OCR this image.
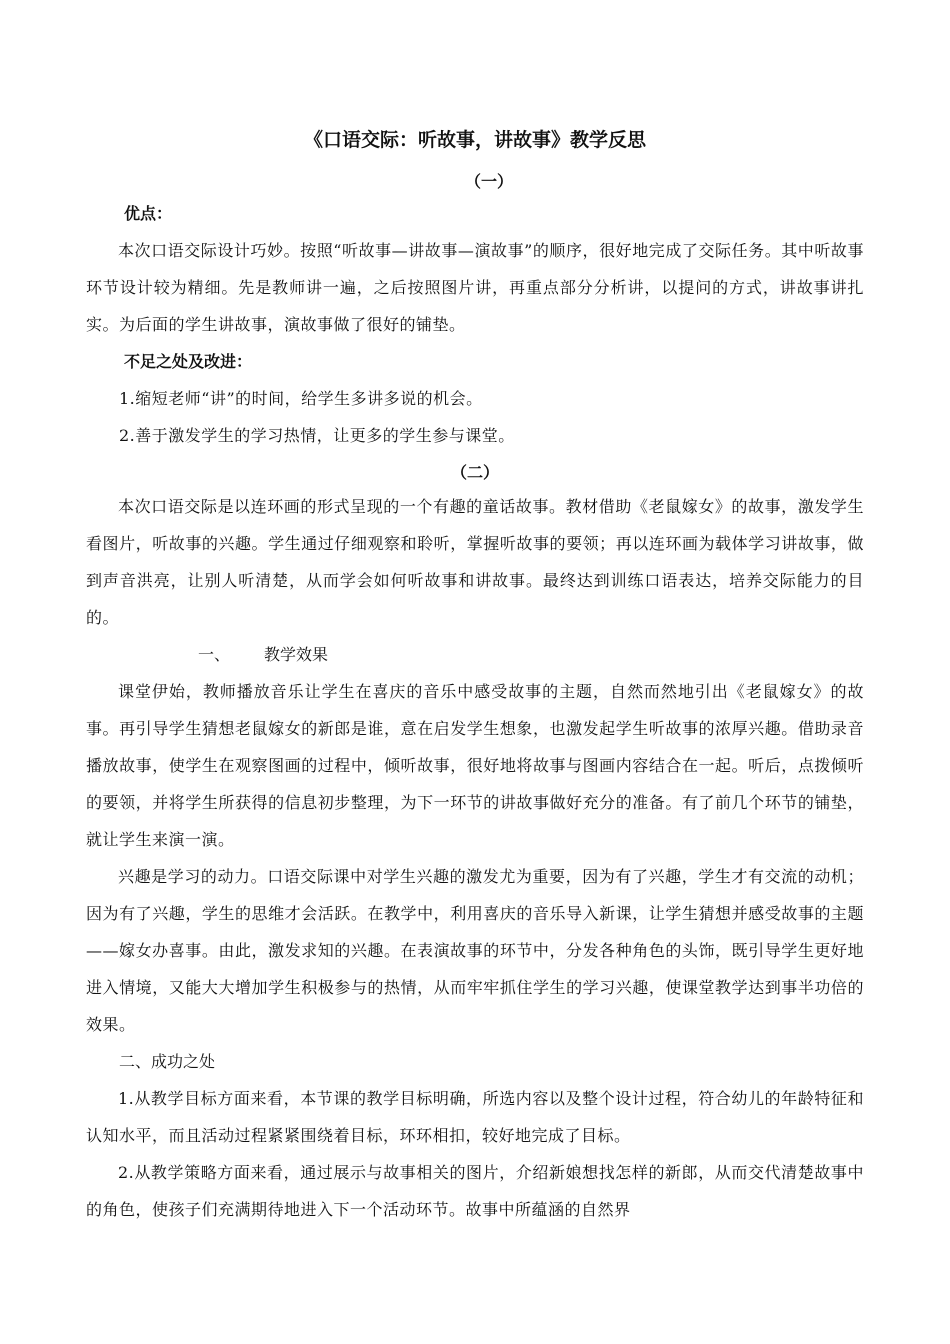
《口语交际：听故事，讲故事》教学反思
（一）

优点：

本次口语交际设计巧妙。按照“听故事—讲故事—演故事”的顺序，很好地完成了交际任务。其中听故事环节设计较为精细。先是教师讲一遍，之后按照图片讲，再重点部分分析讲，以提问的方式，讲故事讲扎实。为后面的学生讲故事，演故事做了很好的铺垫。

不足之处及改进：

1.缩短老师“讲”的时间，给学生多讲多说的机会。

2.善于激发学生的学习热情，让更多的学生参与课堂。

（二）

本次口语交际是以连环画的形式呈现的一个有趣的童话故事。教材借助《老鼠嫁女》的故事，激发学生看图片，听故事的兴趣。学生通过仔细观察和聆听，掌握听故事的要领；再以连环画为载体学习讲故事，做到声音洪亮，让别人听清楚，从而学会如何听故事和讲故事。最终达到训练口语表达，培养交际能力的目的。

一、 教学效果

课堂伊始，教师播放音乐让学生在喜庆的音乐中感受故事的主题，自然而然地引出《老鼠嫁女》的故事。再引导学生猜想老鼠嫁女的新郎是谁，意在启发学生想象，也激发起学生听故事的浓厚兴趣。借助录音播放故事，使学生在观察图画的过程中，倾听故事，很好地将故事与图画内容结合在一起。听后，点拨倾听的要领，并将学生所获得的信息初步整理，为下一环节的讲故事做好充分的准备。有了前几个环节的铺垫，就让学生来演一演。

兴趣是学习的动力。口语交际课中对学生兴趣的激发尤为重要，因为有了兴趣，学生才有交流的动机；因为有了兴趣，学生的思维才会活跃。在教学中，利用喜庆的音乐导入新课，让学生猜想并感受故事的主题——嫁女办喜事。由此，激发求知的兴趣。在表演故事的环节中，分发各种角色的头饰，既引导学生更好地进入情境，又能大大增加学生积极参与的热情，从而牢牢抓住学生的学习兴趣，使课堂教学达到事半功倍的效果。

二、成功之处

1.从教学目标方面来看，本节课的教学目标明确，所选内容以及整个设计过程，符合幼儿的年龄特征和认知水平，而且活动过程紧紧围绕着目标，环环相扣，较好地完成了目标。

2.从教学策略方面来看，通过展示与故事相关的图片，介绍新娘想找怎样的新郎，从而交代清楚故事中的角色，使孩子们充满期待地进入下一个活动环节。故事中所蕴涵的自然界
